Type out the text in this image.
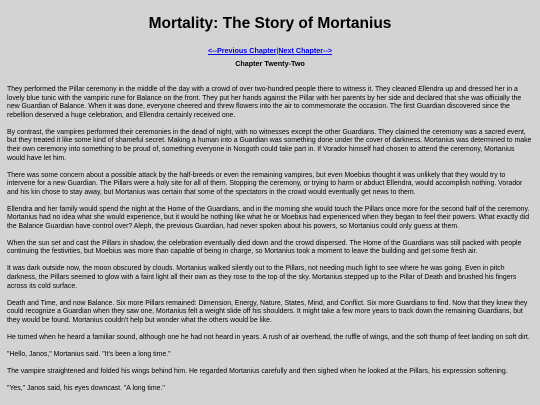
Mortality: The Story of Mortanius
<--Previous Chapter|Next Chapter-->
Chapter Twenty-Two

They performed the Pillar ceremony in the middle of the day with a crowd of over two-hundred people there to witness it. They cleaned Ellendra up and dressed her in a lovely blue tunic with the vampiric rune for Balance on the front. They put her hands against the Pillar with her parents by her side and declared that she was officially the new Guardian of Balance. When it was done, everyone cheered and threw flowers into the air to commemorate the occasion. The first Guardian discovered since the rebellion deserved a huge celebration, and Ellendra certainly received one.

By contrast, the vampires performed their ceremonies in the dead of night, with no witnesses except the other Guardians. They claimed the ceremony was a sacred event, but they treated it like some kind of shameful secret. Making a human into a Guardian was something done under the cover of darkness. Mortanius was determined to make their own ceremony into something to be proud of, something everyone in Nosgoth could take part in. If Vorador himself had chosen to attend the ceremony, Mortanius would have let him.

There was some concern about a possible attack by the half-breeds or even the remaining vampires, but even Moebius thought it was unlikely that they would try to intervene for a new Guardian. The Pillars were a holy site for all of them. Stopping the ceremony, or trying to harm or abduct Ellendra, would accomplish nothing. Vorador and his kin chose to stay away, but Mortanius was certain that some of the spectators in the crowd would eventually get news to them.

Ellendra and her family would spend the night at the Home of the Guardians, and in the morning she would touch the Pillars once more for the second half of the ceremony. Mortanius had no idea what she would experience, but it would be nothing like what he or Moebius had experienced when they began to feel their powers. What exactly did the Balance Guardian have control over? Aleph, the previous Guardian, had never spoken about his powers, so Mortanius could only guess at them.

When the sun set and cast the Pillars in shadow, the celebration eventually died down and the crowd dispersed. The Home of the Guardians was still packed with people continuing the festivities, but Moebius was more than capable of being in charge, so Mortanius took a moment to leave the building and get some fresh air.

It was dark outside now, the moon obscured by clouds. Mortanius walked silently out to the Pillars, not needing much light to see where he was going. Even in pitch darkness, the Pillars seemed to glow with a faint light all their own as they rose to the top of the sky. Mortanius stepped up to the Pillar of Death and brushed his fingers across its cold surface.

Death and Time, and now Balance. Six more Pillars remained: Dimension, Energy, Nature, States, Mind, and Conflict. Six more Guardians to find. Now that they knew they could recognize a Guardian when they saw one, Mortanius felt a weight slide off his shoulders. It might take a few more years to track down the remaining Guardians, but they would be found. Mortanius couldn't help but wonder what the others would be like.

He turned when he heard a familiar sound, although one he had not heard in years. A rush of air overhead, the ruffle of wings, and the soft thump of feet landing on soft dirt.

"Hello, Janos," Mortanius said. "It's been a long time."

The vampire straightened and folded his wings behind him. He regarded Mortanius carefully and then sighed when he looked at the Pillars, his expression softening.

"Yes," Janos said, his eyes downcast. "A long time."
